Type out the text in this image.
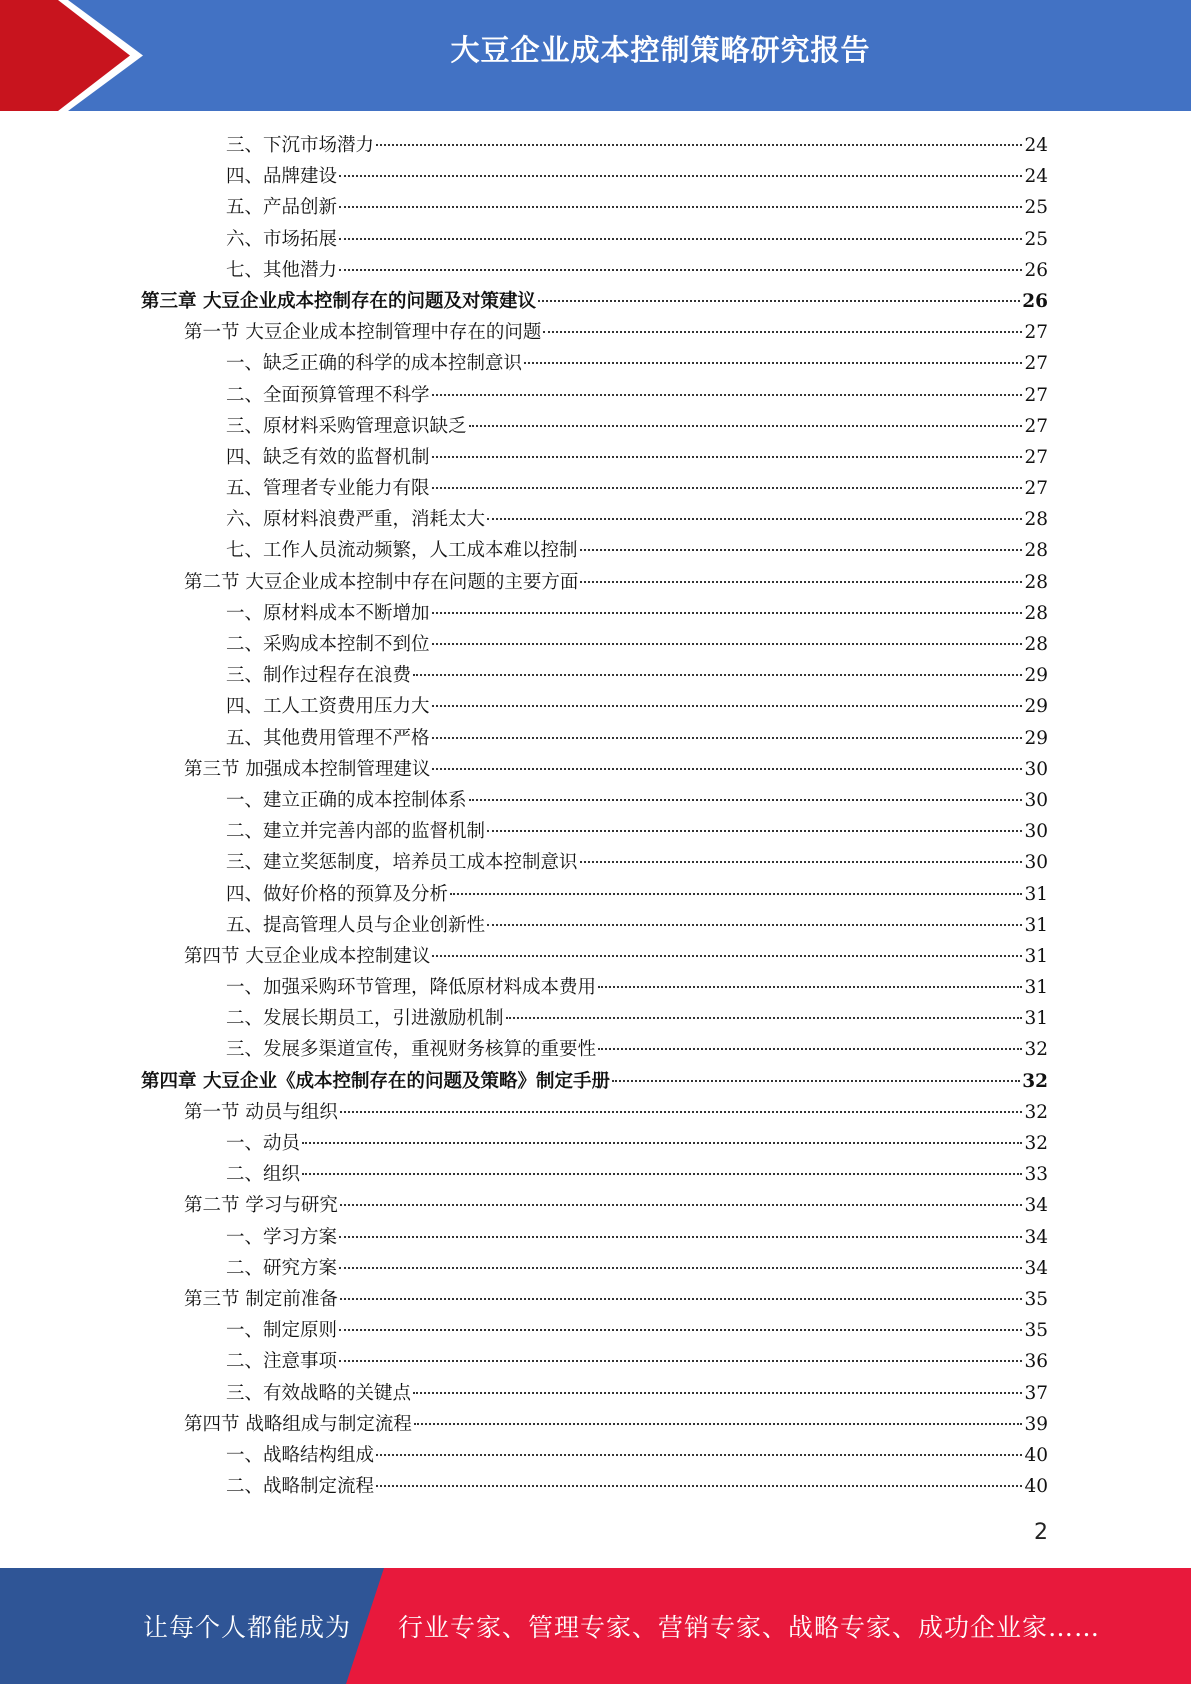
大豆企业成本控制策略研究报告
三、下沉市场潜力	24
四、品牌建设	24
五、产品创新	25
六、市场拓展	25
七、其他潜力	26
第三章 大豆企业成本控制存在的问题及对策建议	26
第一节 大豆企业成本控制管理中存在的问题	27
一、缺乏正确的科学的成本控制意识	27
二、全面预算管理不科学	27
三、原材料采购管理意识缺乏	27
四、缺乏有效的监督机制	27
五、管理者专业能力有限	27
六、原材料浪费严重，消耗太大	28
七、工作人员流动频繁，人工成本难以控制	28
第二节 大豆企业成本控制中存在问题的主要方面	28
一、原材料成本不断增加	28
二、采购成本控制不到位	28
三、制作过程存在浪费	29
四、工人工资费用压力大	29
五、其他费用管理不严格	29
第三节 加强成本控制管理建议	30
一、建立正确的成本控制体系	30
二、建立并完善内部的监督机制	30
三、建立奖惩制度，培养员工成本控制意识	30
四、做好价格的预算及分析	31
五、提高管理人员与企业创新性	31
第四节 大豆企业成本控制建议	31
一、加强采购环节管理，降低原材料成本费用	31
二、发展长期员工，引进激励机制	31
三、发展多渠道宣传，重视财务核算的重要性	32
第四章 大豆企业《成本控制存在的问题及策略》制定手册	32
第一节 动员与组织	32
一、动员	32
二、组织	33
第二节 学习与研究	34
一、学习方案	34
二、研究方案	34
第三节 制定前准备	35
一、制定原则	35
二、注意事项	36
三、有效战略的关键点	37
第四节 战略组成与制定流程	39
一、战略结构组成	40
二、战略制定流程	40
2
让每个人都能成为 行业专家、管理专家、营销专家、战略专家、成功企业家……
